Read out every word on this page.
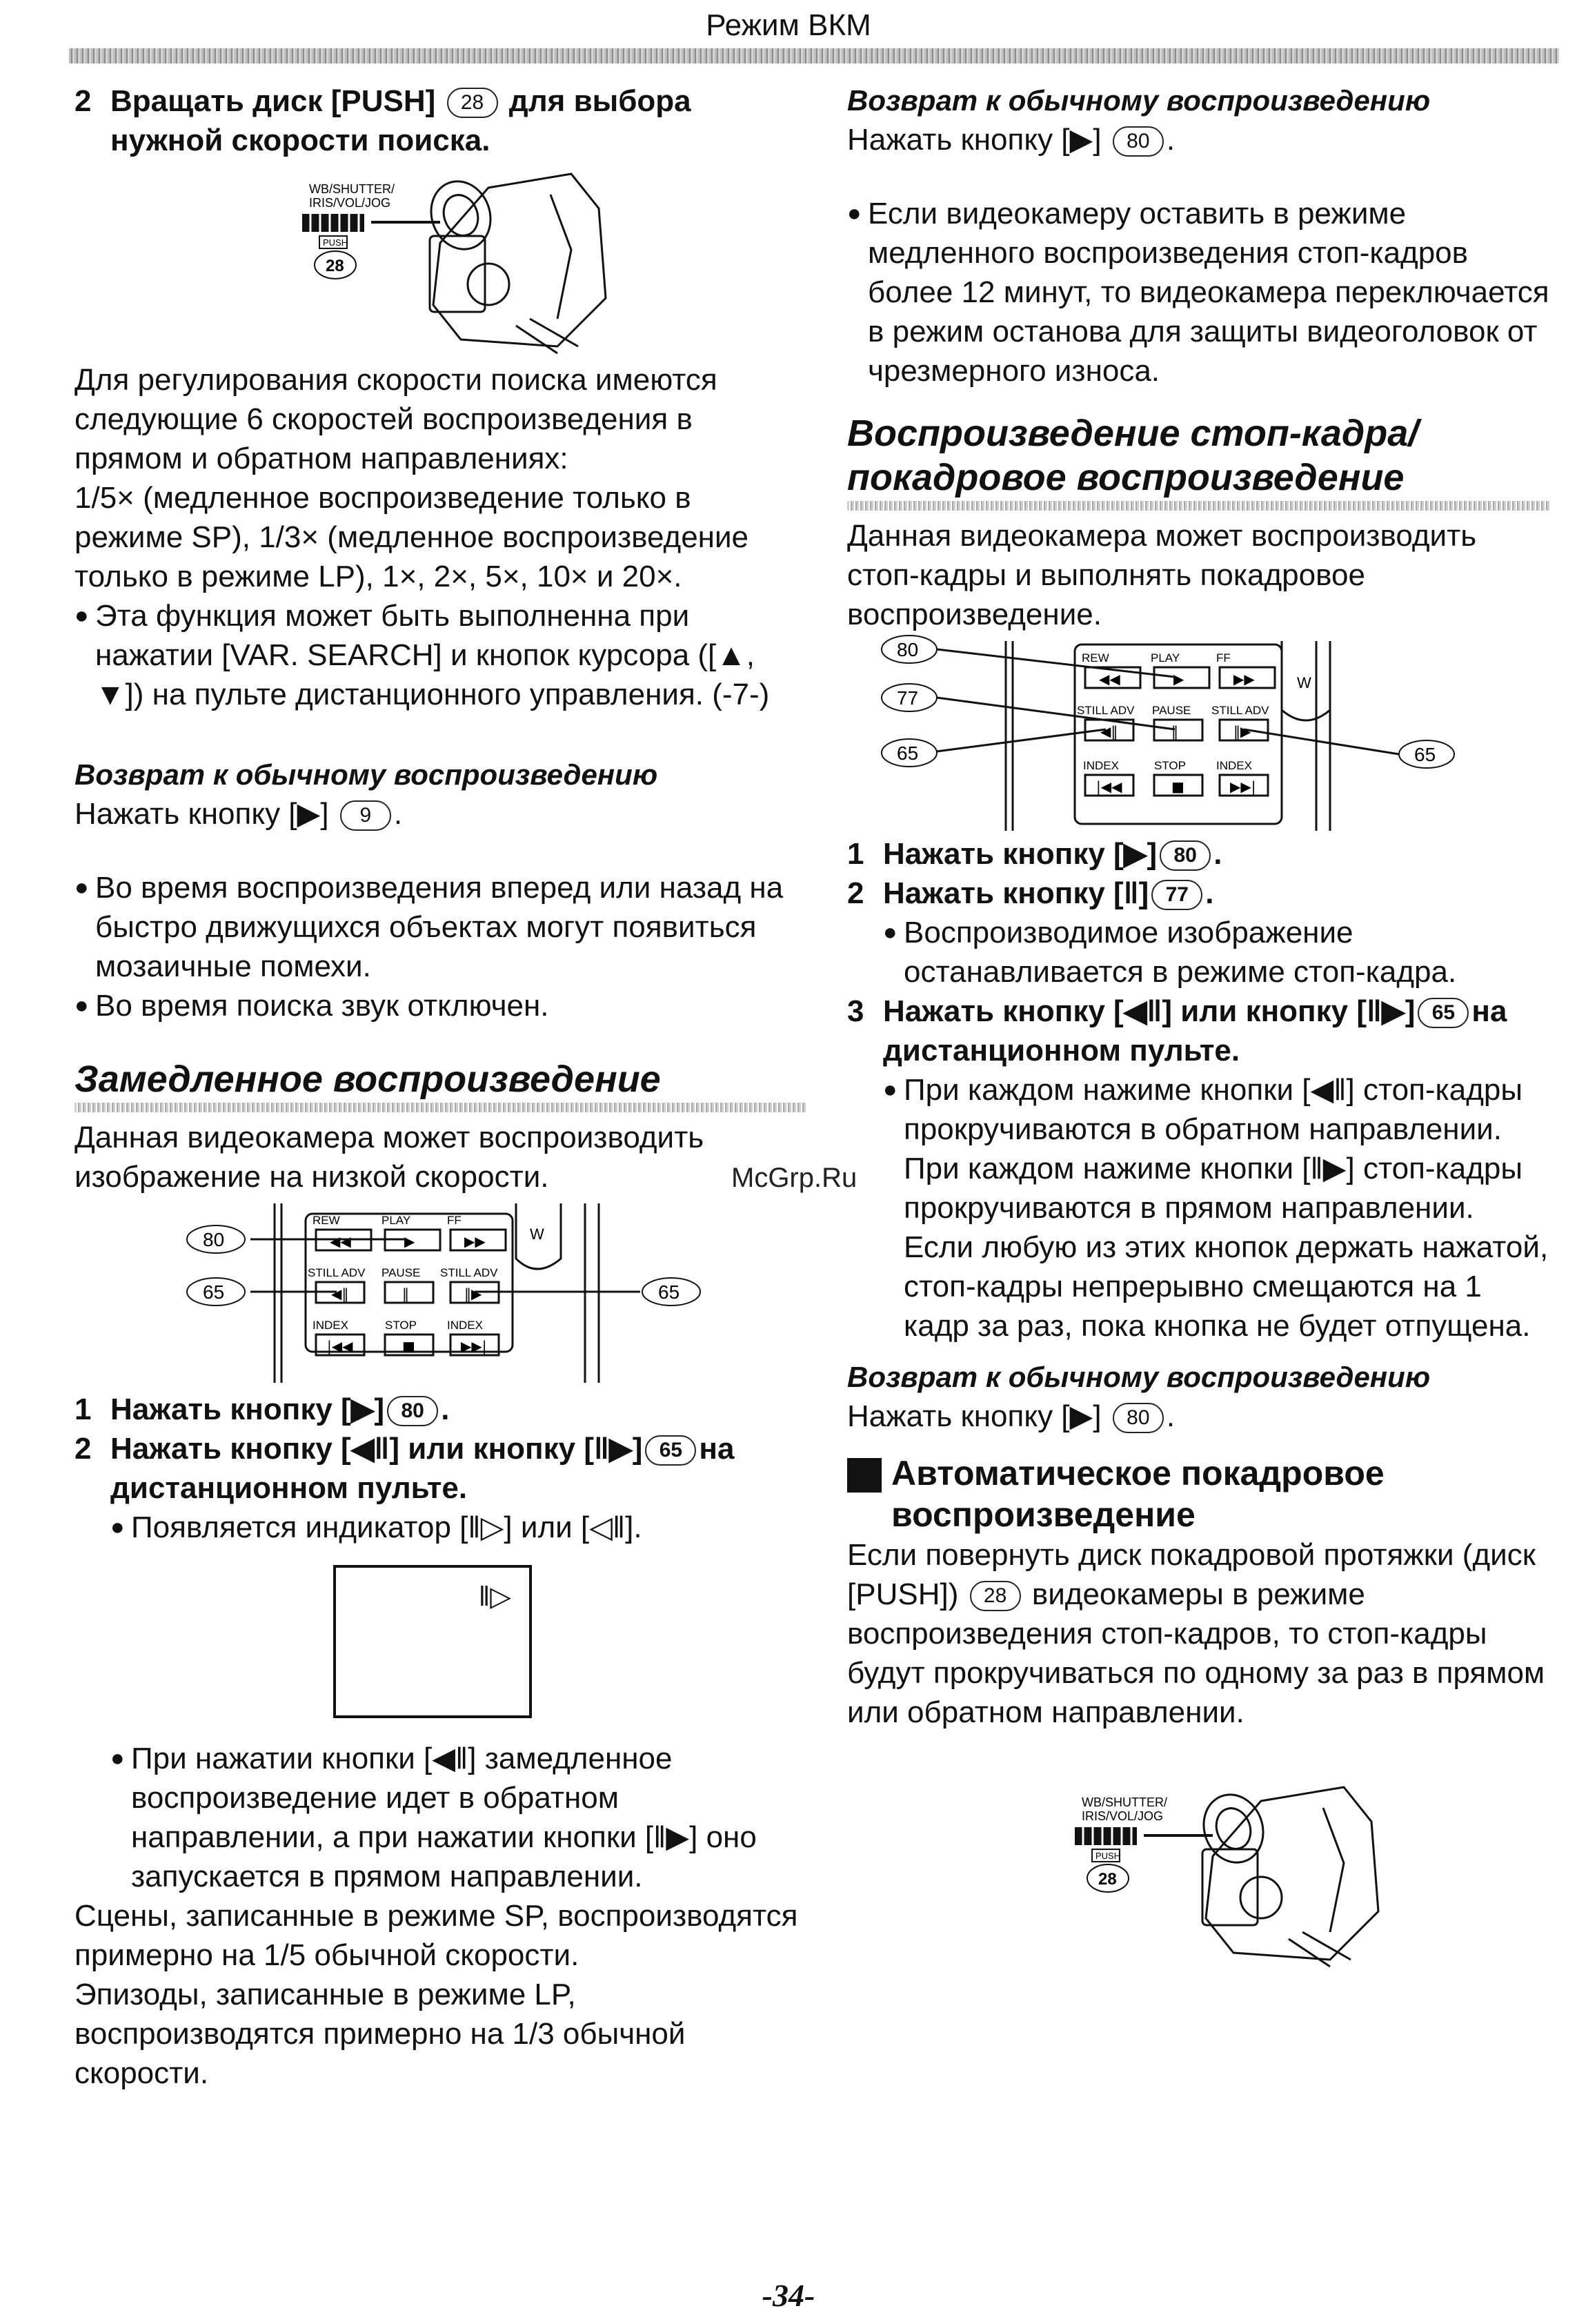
Режим ВКМ
2 Вращать диск [PUSH] 28 для выбора нужной скорости поиска.
WB/SHUTTER/
IRIS/VOL/JOG
PUSH
28

Для регулирования скорости поиска имеются следующие 6 скоростей воспроизведения в прямом и обратном направлениях:

1/5× (медленное воспроизведение только в режиме SP), 1/3× (медленное воспроизведение только в режиме LP), 1×, 2×, 5×, 10× и 20×.

● Эта функция может быть выполненна при нажатии [VAR. SEARCH] и кнопок курсора ([▲, ▼]) на пульте дистанционного управления. (-7-)

Возврат к обычному воспроизведению

Нажать кнопку [▶] 9 .

● Во время воспроизведения вперед или назад на быстро движущихся объектах могут появиться мозаичные помехи.
● Во время поиска звук отключен.

Замедленное воспроизведение

Данная видеокамера может воспроизводить изображение на низкой скорости.

W
REW	PLAY	FF
STILL ADV PAUSE STILL ADV
INDEX	STOP	INDEX
◀◀	▶	▶▶
◀‖	‖	‖▶
|◀◀	■	▶▶|
80
65	65
1 Нажать кнопку [▶] 80 .
2 Нажать кнопку [◀‖] или кнопку [‖▶] 65 на дистанционном пульте.
● Появляется индикатор [‖▷] или [◁‖].
‖▷
● При нажатии кнопки [◀‖] замедленное воспроизведение идет в обратном направлении, а при нажатии кнопки [‖▶] оно запускается в прямом направлении.

Сцены, записанные в режиме SP, воспроизводятся примерно на 1/5 обычной скорости.

Эпизоды, записанные в режиме LP, воспроизводятся примерно на 1/3 обычной скорости.

Возврат к обычному воспроизведению

Нажать кнопку [▶] 80 .

● Если видеокамеру оставить в режиме медленного воспроизведения стоп-кадров более 12 минут, то видеокамера переключается в режим останова для защиты видеоголовок от чрезмерного износа.

Воспроизведение стоп-кадра/покадровое воспроизведение

Данная видеокамера может воспроизводить стоп-кадры и выполнять покадровое воспроизведение.

W
REW	PLAY	FF
STILL ADV PAUSE STILL ADV
INDEX	STOP	INDEX
◀◀	▶	▶▶
◀‖	‖	‖▶
|◀◀	■	▶▶|
80
77
65	65
1 Нажать кнопку [▶] 80 .
2 Нажать кнопку [‖] 77 .
● Воспроизводимое изображение останавливается в режиме стоп-кадра.
3 Нажать кнопку [◀‖] или кнопку [‖▶] 65 на дистанционном пульте.
● При каждом нажиме кнопки [◀‖] стоп-кадры прокручиваются в обратном направлении. При каждом нажиме кнопки [‖▶] стоп-кадры прокручиваются в прямом направлении. Если любую из этих кнопок держать нажатой, стоп-кадры непрерывно смещаются на 1 кадр за раз, пока кнопка не будет отпущена.

Возврат к обычному воспроизведению

Нажать кнопку [▶] 80 .

Автоматическое покадровое воспроизведение

Если повернуть диск покадровой протяжки (диск [PUSH]) 28 видеокамеры в режиме воспроизведения стоп-кадров, то стоп-кадры будут прокручиваться по одному за раз в прямом или обратном направлении.

WB/SHUTTER/
IRIS/VOL/JOG
PUSH
28
McGrp.Ru
-34-
